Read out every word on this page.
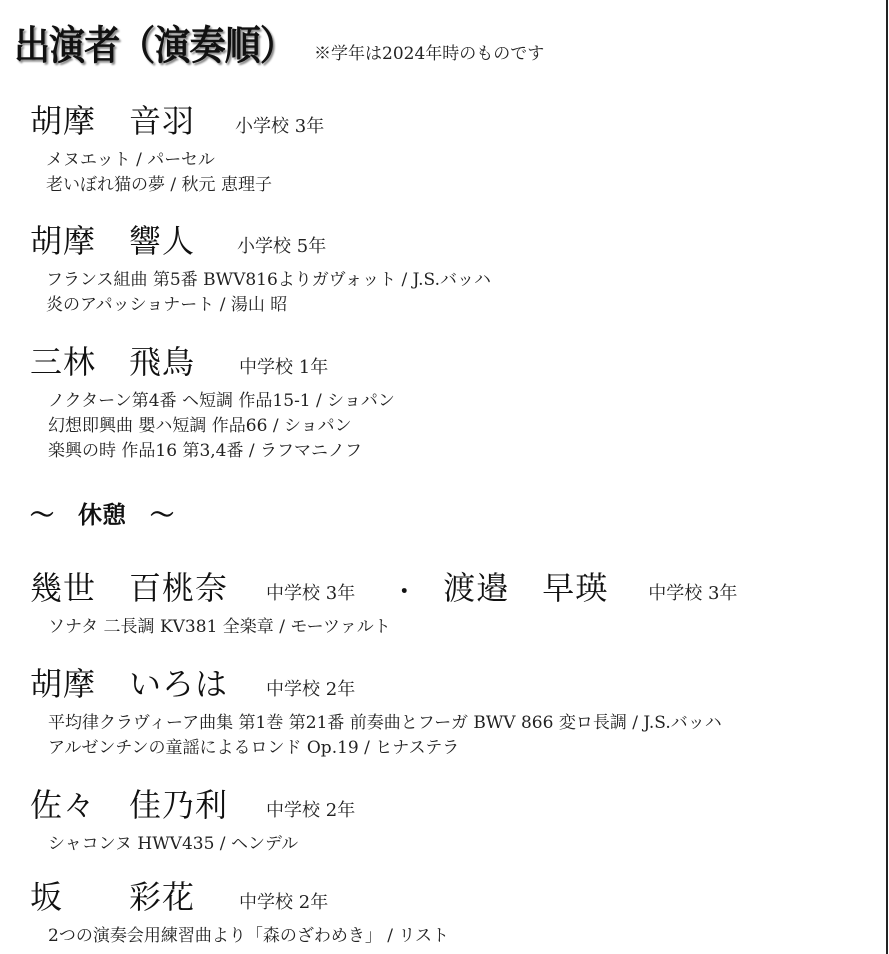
出演者（演奏順） ※学年は2024年時のものです
胡摩　音羽 小学校 3年
メヌエット / パーセル
老いぼれ猫の夢 / 秋元 恵理子
胡摩　響人 小学校 5年
フランス組曲 第5番 BWV816よりガヴォット / J.S.バッハ
炎のアパッショナート / 湯山 昭
三林　飛鳥 中学校 1年
ノクターン第4番 ヘ短調 作品15-1 / ショパン
幻想即興曲 嬰ハ短調 作品66 / ショパン
楽興の時 作品16 第3,4番 / ラフマニノフ
～　休憩　～
幾世　百桃奈 中学校 3年 ・ 渡邉　早瑛 中学校 3年
ソナタ 二長調 KV381 全楽章 / モーツァルト
胡摩　いろは 中学校 2年
平均律クラヴィーア曲集 第1巻 第21番 前奏曲とフーガ BWV 866 変ロ長調 / J.S.バッハ
アルゼンチンの童謡によるロンド Op.19 / ヒナステラ
佐々　佳乃利 中学校 2年
シャコンヌ HWV435 / ヘンデル
坂　　彩花 中学校 2年
2つの演奏会用練習曲より「森のざわめき」 / リスト
